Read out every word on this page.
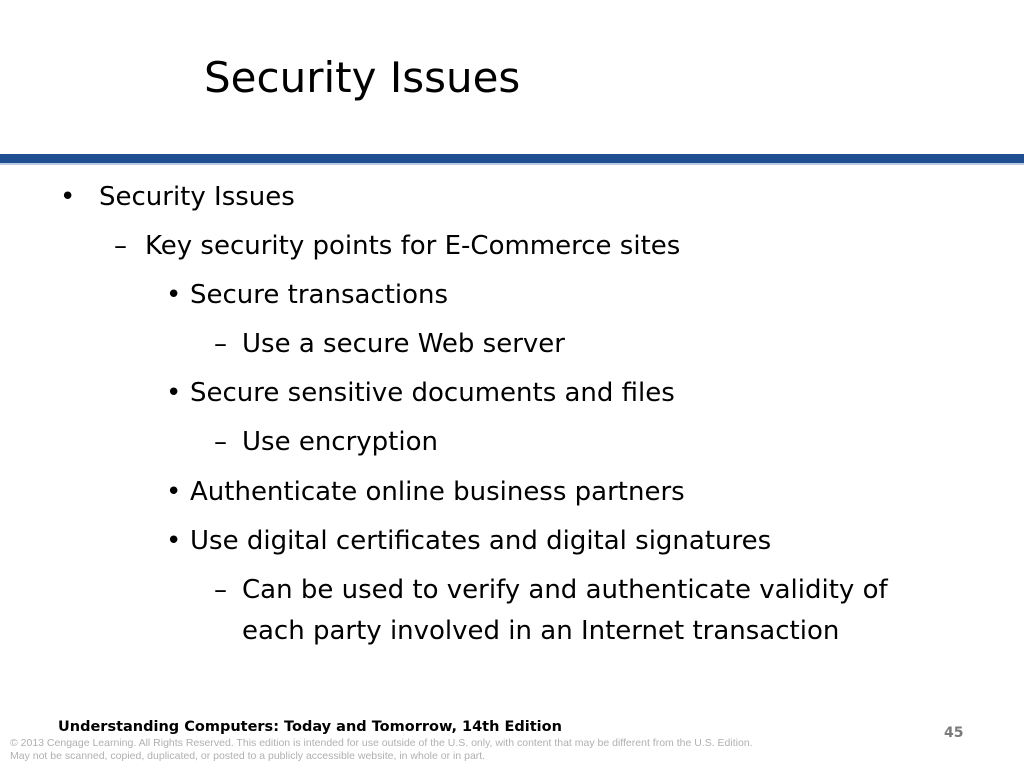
Security Issues
• Security Issues
– Key security points for E-Commerce sites
• Secure transactions
– Use a secure Web server
• Secure sensitive documents and files
– Use encryption
• Authenticate online business partners
• Use digital certificates and digital signatures
– Can be used to verify and authenticate validity of
each party involved in an Internet transaction
Understanding Computers: Today and Tomorrow, 14th Edition	45
© 2013 Cengage Learning. All Rights Reserved. This edition is intended for use outside of the U.S. only, with content that may be different from the U.S. Edition.
May not be scanned, copied, duplicated, or posted to a publicly accessible website, in whole or in part.
